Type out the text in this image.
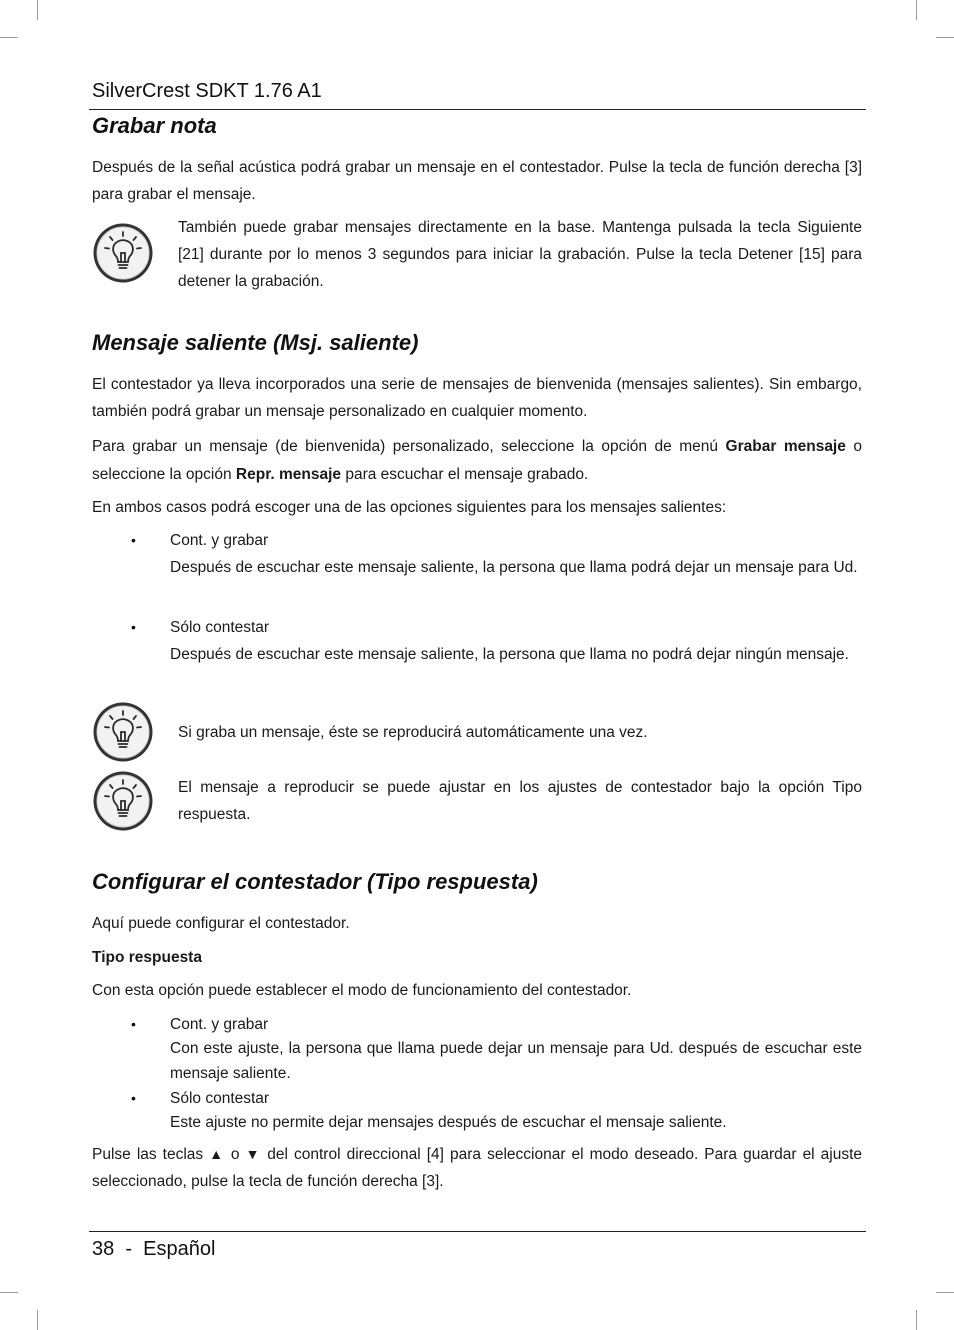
SilverCrest SDKT 1.76 A1
Grabar nota
Después de la señal acústica podrá grabar un mensaje en el contestador. Pulse la tecla de función derecha [3] para grabar el mensaje.
También puede grabar mensajes directamente en la base. Mantenga pulsada la tecla Siguiente [21] durante por lo menos 3 segundos para iniciar la grabación. Pulse la tecla Detener [15] para detener la grabación.
Mensaje saliente (Msj. saliente)
El contestador ya lleva incorporados una serie de mensajes de bienvenida (mensajes salientes). Sin embargo, también podrá grabar un mensaje personalizado en cualquier momento.
Para grabar un mensaje (de bienvenida) personalizado, seleccione la opción de menú Grabar mensaje o seleccione la opción Repr. mensaje para escuchar el mensaje grabado.
En ambos casos podrá escoger una de las opciones siguientes para los mensajes salientes:
• Cont. y grabar
Después de escuchar este mensaje saliente, la persona que llama podrá dejar un mensaje para Ud.
• Sólo contestar
Después de escuchar este mensaje saliente, la persona que llama no podrá dejar ningún mensaje.
Si graba un mensaje, éste se reproducirá automáticamente una vez.
El mensaje a reproducir se puede ajustar en los ajustes de contestador bajo la opción Tipo respuesta.
Configurar el contestador (Tipo respuesta)
Aquí puede configurar el contestador.
Tipo respuesta
Con esta opción puede establecer el modo de funcionamiento del contestador.
• Cont. y grabar
Con este ajuste, la persona que llama puede dejar un mensaje para Ud. después de escuchar este mensaje saliente.
• Sólo contestar
Este ajuste no permite dejar mensajes después de escuchar el mensaje saliente.
Pulse las teclas ▲ o ▼ del control direccional [4] para seleccionar el modo deseado. Para guardar el ajuste seleccionado, pulse la tecla de función derecha [3].
38 - Español
